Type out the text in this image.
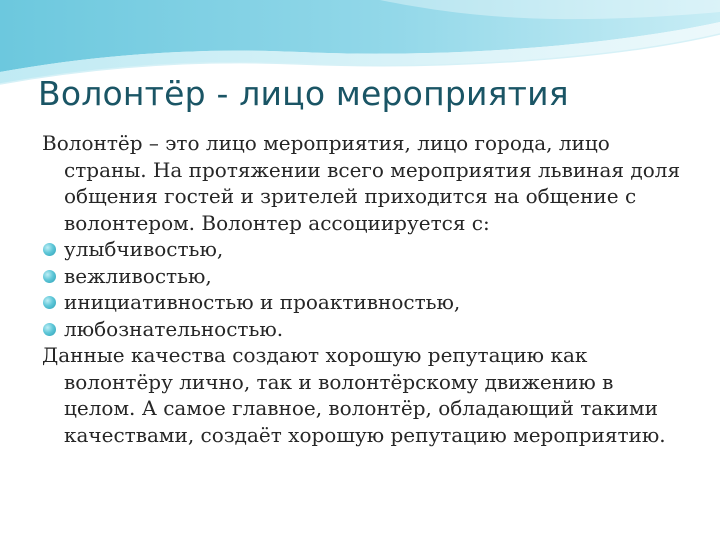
Волонтёр - лицо мероприятия

Волонтёр – это лицо мероприятия, лицо города, лицо страны. На протяжении всего мероприятия львиная доля общения гостей и зрителей приходится на общение с волонтером. Волонтер ассоциируется с:

улыбчивостью,
вежливостью,
инициативностью и проактивностью,
любознательностью.

Данные качества создают хорошую репутацию как волонтёру лично, так и волонтёрскому движению в целом. А самое главное, волонтёр, обладающий такими качествами, создаёт хорошую репутацию мероприятию.
